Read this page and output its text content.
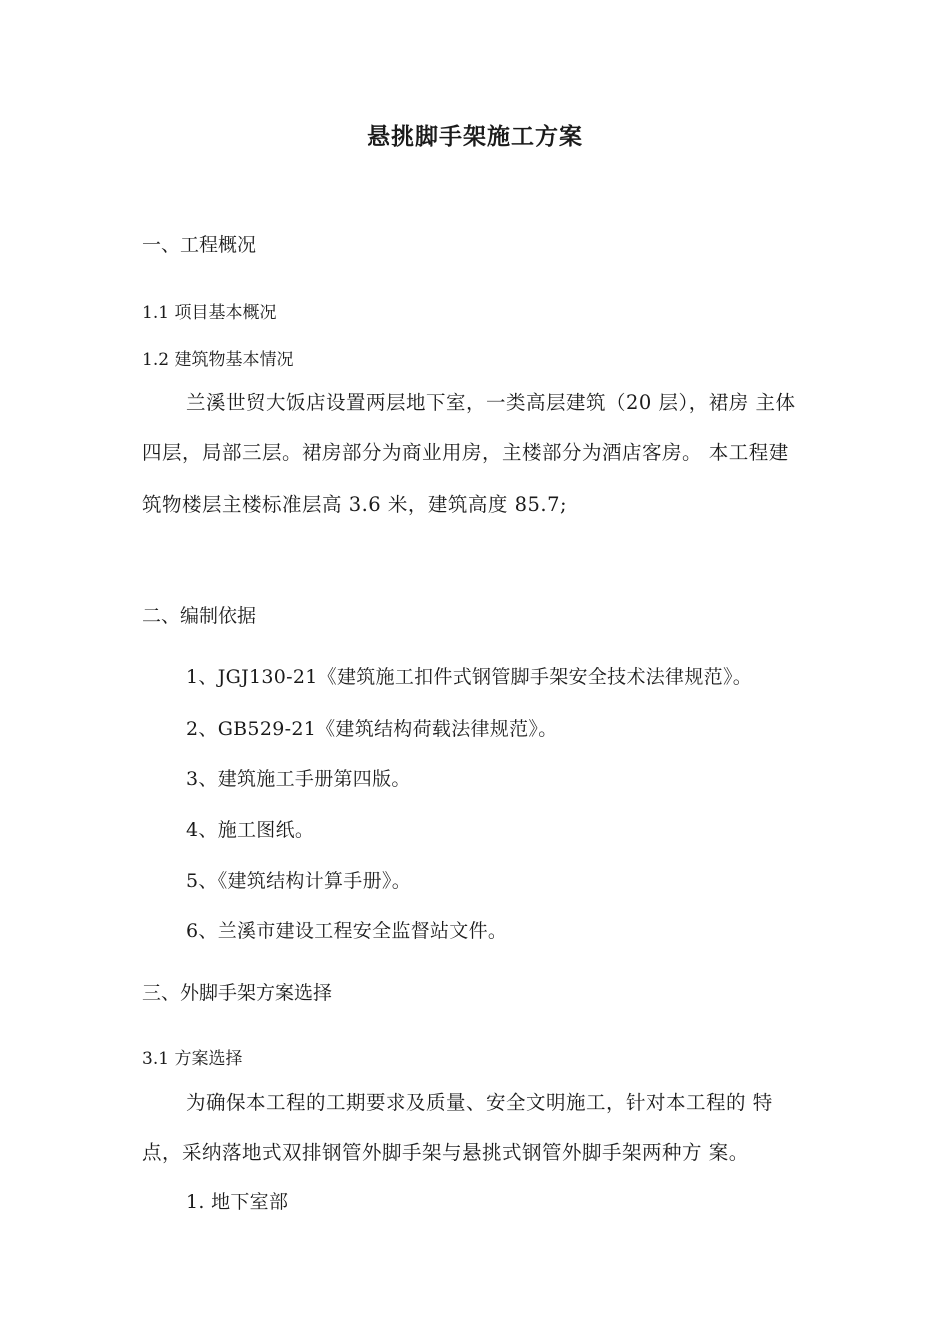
悬挑脚手架施工方案
一、工程概况
1.1 项目基本概况
1.2 建筑物基本情况

兰溪世贸大饭店设置两层地下室，一类高层建筑（20 层），裙房 主体

四层，局部三层。裙房部分为商业用房，主楼部分为酒店客房。 本工程建

筑物楼层主楼标准层高 3.6 米，建筑高度 85.7;

二、编制依据
1、JGJ130-21《建筑施工扣件式钢管脚手架安全技术法律规范》。
2、GB529-21《建筑结构荷载法律规范》。
3、建筑施工手册第四版。
4、施工图纸。
5、《建筑结构计算手册》。
6、兰溪市建设工程安全监督站文件。
三、外脚手架方案选择
3.1 方案选择

为确保本工程的工期要求及质量、安全文明施工，针对本工程的 特

点，采纳落地式双排钢管外脚手架与悬挑式钢管外脚手架两种方 案。

1. 地下室部
